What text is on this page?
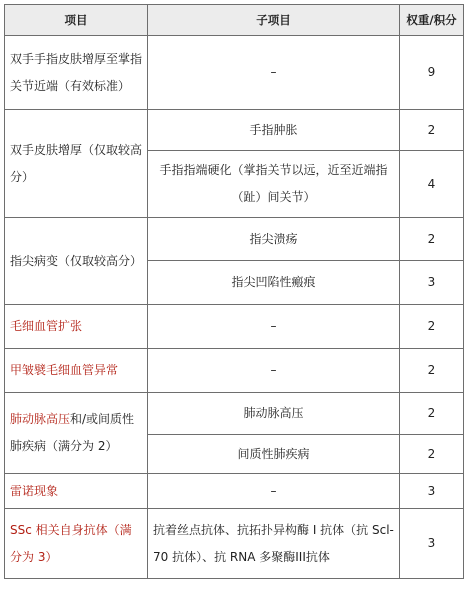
项目	子项目	权重/积分
双手手指皮肤增厚至掌指关节近端（有效标准）	–	9
双手皮肤增厚（仅取较高分）	手指肿胀	2
	手指指端硬化（掌指关节以远，近至近端指（趾）间关节）	4
指尖病变（仅取较高分）	指尖溃疡	2
	指尖凹陷性瘢痕	3
毛细血管扩张	–	2
甲皱襞毛细血管异常	–	2
肺动脉高压和/或间质性肺疾病（满分为 2）	肺动脉高压	2
	间质性肺疾病	2
雷诺现象	–	3
SSc 相关自身抗体（满分为 3）	抗着丝点抗体、抗拓扑异构酶 I 抗体（抗 Scl-70 抗体）、抗 RNA 多聚酶III抗体	3
